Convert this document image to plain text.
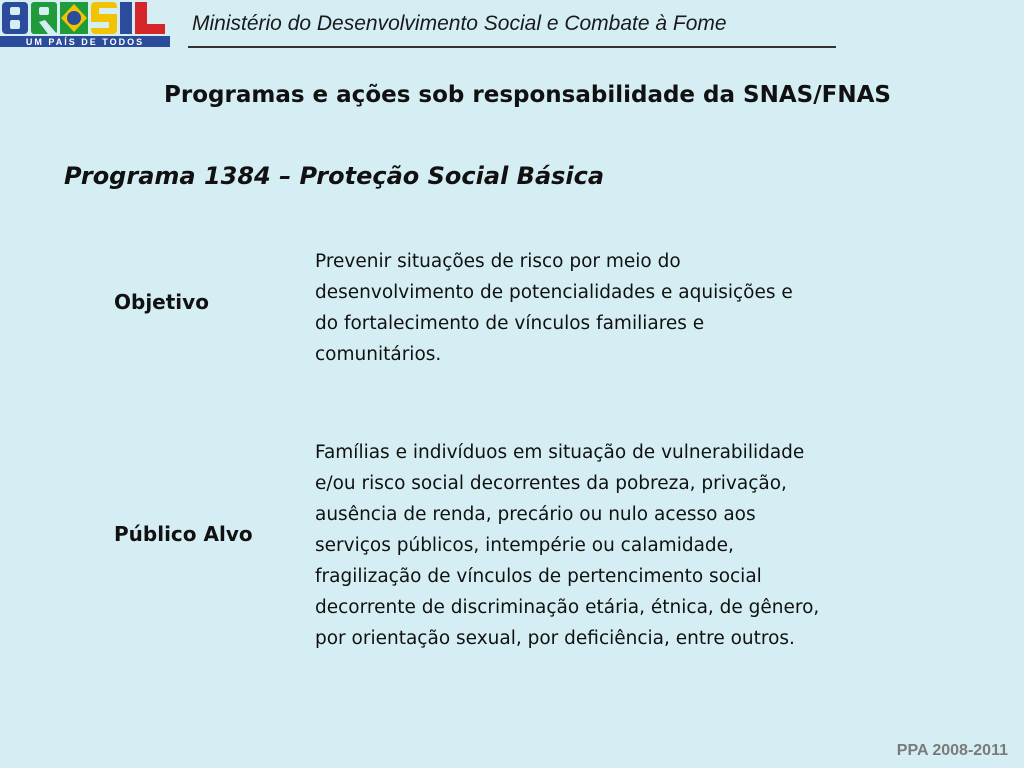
UM PAÍS DE TODOS
Ministério do Desenvolvimento Social e Combate à Fome
Programas e ações sob responsabilidade da SNAS/FNAS
Programa 1384 – Proteção Social Básica
Objetivo
Prevenir situações de risco por meio do
desenvolvimento de potencialidades e aquisições e
do fortalecimento de vínculos familiares e
comunitários.
Público Alvo
Famílias e indivíduos em situação de vulnerabilidade
e/ou risco social decorrentes da pobreza, privação,
ausência de renda, precário ou nulo acesso aos
serviços públicos, intempérie ou calamidade,
fragilização de vínculos de pertencimento social
decorrente de discriminação etária, étnica, de gênero,
por orientação sexual, por deficiência, entre outros.
PPA 2008-2011
